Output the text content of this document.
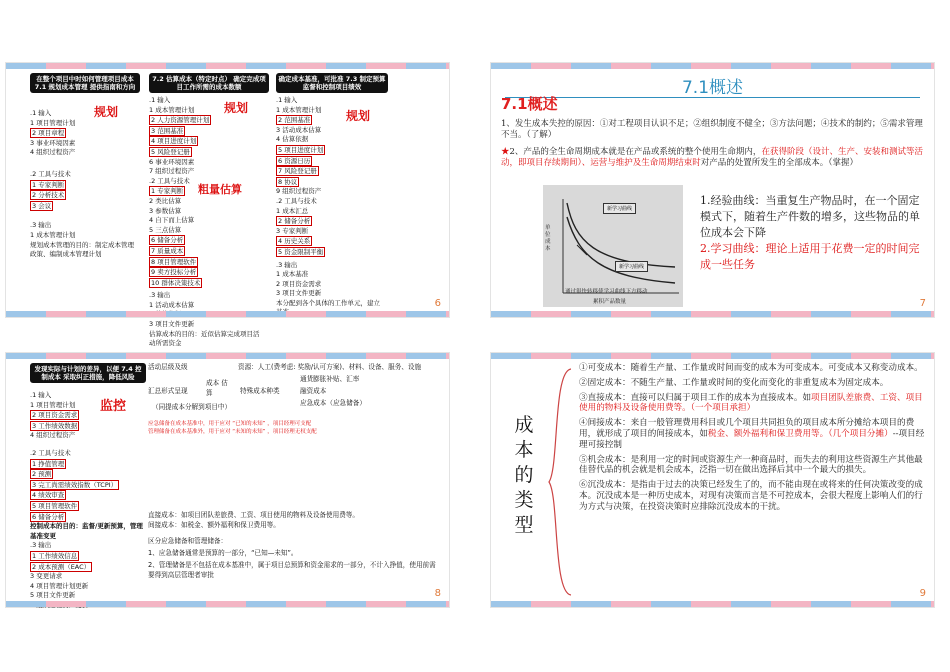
在整个项目中时如何管理项目成本 7.1 规划成本管理 提供指南和方向
.1 输入
1 项目管理计划
2 项目章程
3 事业环境因素
4 组织过程资产
.2 工具与技术
1 专家判断
2 分析技术
3 会议
.3 输出
1 成本管理计划
规划成本管理的目的：制定成本管理政策、编制成本管理计划
规划
7.2 估算成本（特定时点） 确定完成项目工作所需的成本数额
.1 输入
1 成本管理计划
2 人力资源管理计划
3 范围基准
4 项目进度计划
5 风险登记册
6 事业环境因素
7 组织过程资产
.2 工具与技术
1 专家判断
2 类比估算
3 参数估算
4 自下而上估算
5 三点估算
6 储备分析
7 质量成本
8 项目管理软件
9 卖方投标分析
10 群体决策技术
.3 输出
1 活动成本估算
3 项目文件更新
估算成本的目的：近似估算完成项目活动所需资金
规划
粗量估算
确定成本基准，可批准 7.3 制定预算 监督和控制项目绩效
.1 输入
1 成本管理计划
2 范围基准
3 活动成本估算
4 估算依据
5 项目进度计划
6 资源日历
7 风险登记册
8 协议
9 组织过程资产
.2 工具与技术
1 成本汇总
2 储备分析
3 专家判断
4 历史关系
5 资金限制平衡
.3 输出
1 成本基准
2 项目资金需求
3 项目文件更新
本分配到各个具体的工作单元，建立
规划
6
7.1概述
7.1概述
1、发生成本失控的原因：①对工程项目认识不足；②组织制度不健全；③方法问题；④技术的制约；⑤需求管理不当。（了解）
★2、产品的全生命周期成本就是在产品或系统的整个使用生命期内，在获得阶段（设计、生产、安装和测试等活动，即项目存续期间）、运营与维护及生命周期结束时对产品的处置所发生的全部成本。（掌握）
新学习曲线
新学习曲线
通过很快转移使学习曲线下方移动
单位成本
累积产品数量
1.经验曲线：当重复生产物品时，在一个固定模式下，随着生产件数的增多，这些物品的单位成本会下降
2.学习曲线：理论上适用于花费一定的时间完成一些任务
7
发现实际与计划的差异，以便 7.4 控制成本 采取纠正措施，降低风险
.1 输入
1 项目管理计划
2 项目资金需求
3 工作绩效数据
4 组织过程资产
.2 工具与技术
1 挣值管理
2 预测
3 完工尚需绩效指数（TCPI）
4 绩效审查
5 项目管理软件
6 储备分析
控制成本的目的：监督/更新预算，管理基准变更
.3 输出
1 工作绩效信息
2 成本预测（EAC）
3 变更请求
4 项目管理计划更新
5 项目文件更新
监控
活动层级及级	资源：人工(费考虑: 奖励/认可方案)、材料、设备、服务、设施
汇总形式呈现
成本 估算	特殊成本种类
通货膨胀补贴、汇率
融资成本
应急成本（应急储备）
（同提成本分解到项目中）
应急储备在成本基准中，用于应对 “已知的未知” ，项目经理可支配
管理储备在成本基准外，用于应对 “未知的未知” ，项目经理无权支配
直接成本：如项目团队差旅费、工资、项目使用的物料及设备使用费等。
间接成本：如税金、额外福利和保卫费用等。
区分应急储备和管理储备：
1、应急储备通常是预算的一部分，“已知—未知”。
2、管理储备是不包括在成本基准中，属于项目总预算和资金需求的一部分，不计入挣值，使用前需要得到高层管理者审批
8
成本的类型

①可变成本：随着生产量、工作量或时间而变的成本为可变成本。可变成本又称变动成本。

②固定成本：不随生产量、工作量或时间的变化而变化的非重复成本为固定成本。

③直接成本：直接可以归属于项目工作的成本为直接成本。如项目团队差旅费、工资、项目使用的物料及设备使用费等。（一个项目承担）

④间接成本：来自一般管理费用科目或几个项目共同担负的项目成本所分摊给本项目的费用，就形成了项目的间接成本，如税金、额外福利和保卫费用等。（几个项目分摊）--项目经理可接控制

⑤机会成本：是利用一定的时间或资源生产一种商品时，而失去的利用这些资源生产其他最佳替代品的机会就是机会成本，泛指一切在做出选择后其中一个最大的损失。

⑥沉没成本：是指由于过去的决策已经发生了的，而不能由现在或将来的任何决策改变的成本。沉没成本是一种历史成本，对现有决策而言是不可控成本，会很大程度上影响人们的行为方式与决策，在投资决策时应排除沉没成本的干扰。

9
